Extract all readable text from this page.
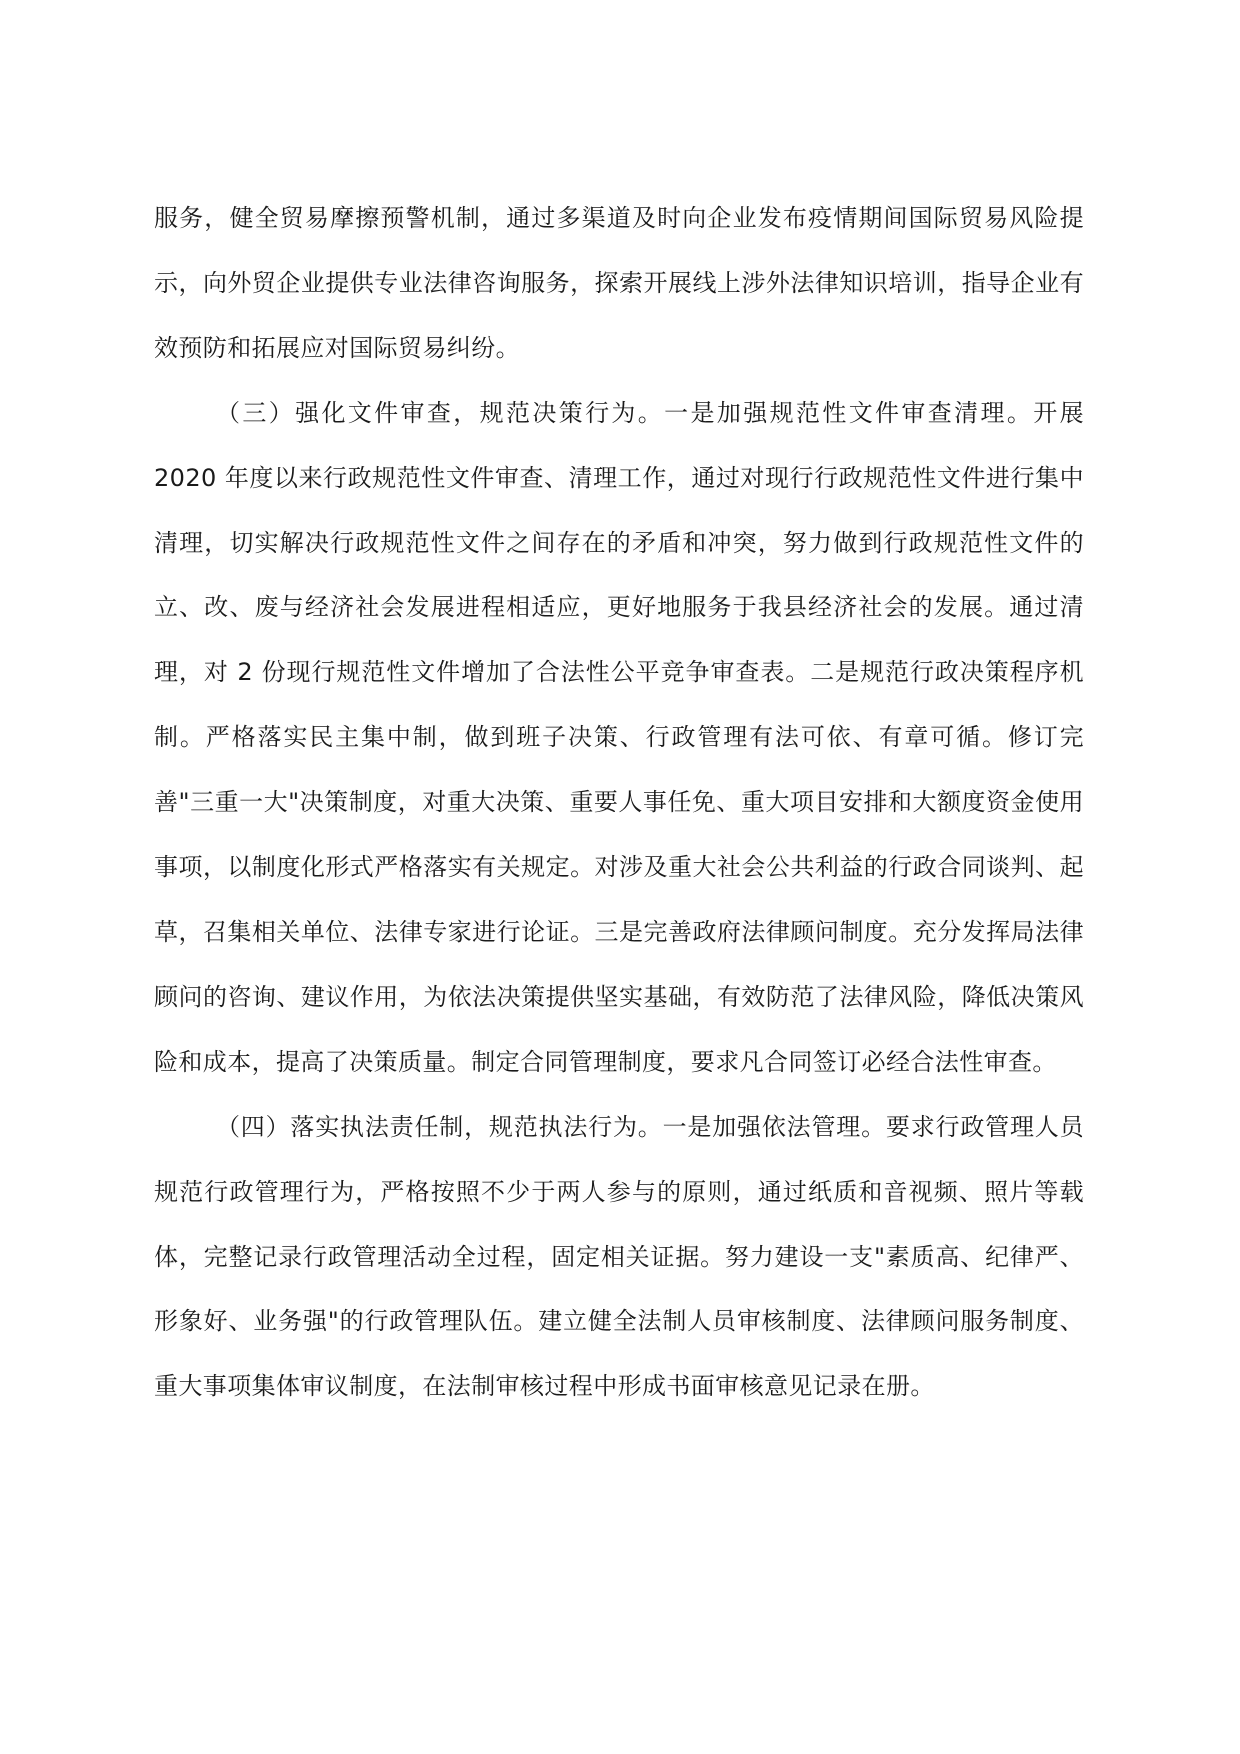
服务，健全贸易摩擦预警机制，通过多渠道及时向企业发布疫情期间国际贸易风险提示，向外贸企业提供专业法律咨询服务，探索开展线上涉外法律知识培训，指导企业有效预防和拓展应对国际贸易纠纷。

（三）强化文件审查，规范决策行为。一是加强规范性文件审查清理。开展 2020 年度以来行政规范性文件审查、清理工作，通过对现行行政规范性文件进行集中清理，切实解决行政规范性文件之间存在的矛盾和冲突，努力做到行政规范性文件的立、改、废与经济社会发展进程相适应，更好地服务于我县经济社会的发展。通过清理，对 2 份现行规范性文件增加了合法性公平竞争审查表。二是规范行政决策程序机制。严格落实民主集中制，做到班子决策、行政管理有法可依、有章可循。修订完善"三重一大"决策制度，对重大决策、重要人事任免、重大项目安排和大额度资金使用事项，以制度化形式严格落实有关规定。对涉及重大社会公共利益的行政合同谈判、起草，召集相关单位、法律专家进行论证。三是完善政府法律顾问制度。充分发挥局法律顾问的咨询、建议作用，为依法决策提供坚实基础，有效防范了法律风险，降低决策风险和成本，提高了决策质量。制定合同管理制度，要求凡合同签订必经合法性审查。

（四）落实执法责任制，规范执法行为。一是加强依法管理。要求行政管理人员规范行政管理行为，严格按照不少于两人参与的原则，通过纸质和音视频、照片等载体，完整记录行政管理活动全过程，固定相关证据。努力建设一支"素质高、纪律严、形象好、业务强"的行政管理队伍。建立健全法制人员审核制度、法律顾问服务制度、重大事项集体审议制度，在法制审核过程中形成书面审核意见记录在册。
